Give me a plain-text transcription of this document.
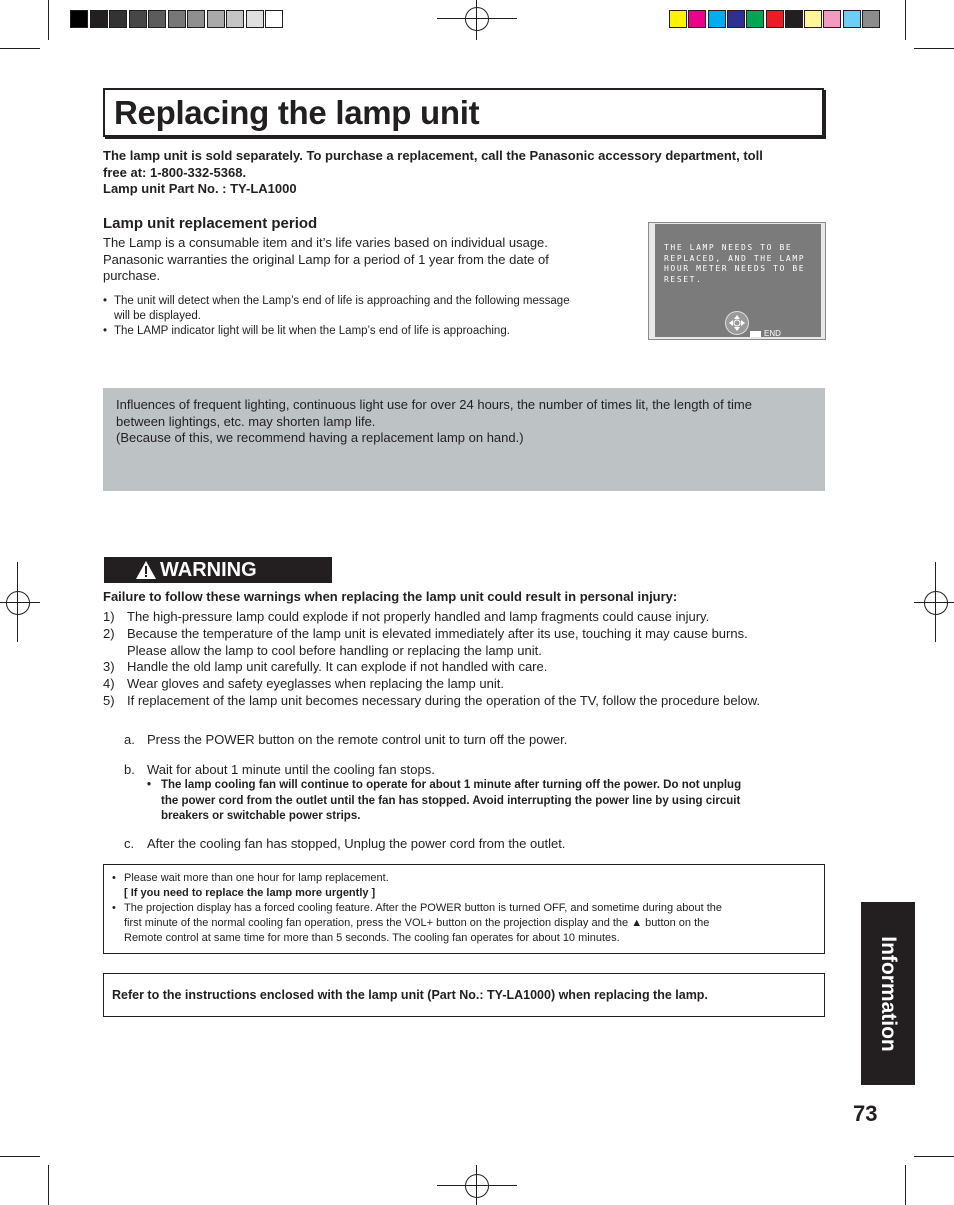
Replacing the lamp unit
The lamp unit is sold separately. To purchase a replacement, call the Panasonic accessory department, toll
free at: 1-800-332-5368.
Lamp unit Part No. : TY-LA1000
Lamp unit replacement period
The Lamp is a consumable item and it’s life varies based on individual usage.
Panasonic warranties the original Lamp for a period of 1 year from the date of
purchase.
• The unit will detect when the Lamp’s end of life is approaching and the following message
will be displayed.
• The LAMP indicator light will be lit when the Lamp’s end of life is approaching.
THE LAMP NEEDS TO BE
REPLACED, AND THE LAMP
HOUR METER NEEDS TO BE
RESET.
END
Influences of frequent lighting, continuous light use for over 24 hours, the number of times lit, the length of time
between lightings, etc. may shorten lamp life.
(Because of this, we recommend having a replacement lamp on hand.)
WARNING
Failure to follow these warnings when replacing the lamp unit could result in personal injury:
1) The high-pressure lamp could explode if not properly handled and lamp fragments could cause injury.
2) Because the temperature of the lamp unit is elevated immediately after its use, touching it may cause burns.
Please allow the lamp to cool before handling or replacing the lamp unit.
3) Handle the old lamp unit carefully. It can explode if not handled with care.
4) Wear gloves and safety eyeglasses when replacing the lamp unit.
5) If replacement of the lamp unit becomes necessary during the operation of the TV, follow the procedure below.
a. Press the POWER button on the remote control unit to turn off the power.
b. Wait for about 1 minute until the cooling fan stops.
• The lamp cooling fan will continue to operate for about 1 minute after turning off the power. Do not unplug
the power cord from the outlet until the fan has stopped. Avoid interrupting the power line by using circuit
breakers or switchable power strips.
c. After the cooling fan has stopped, Unplug the power cord from the outlet.
• Please wait more than one hour for lamp replacement.
[ If you need to replace the lamp more urgently ]
• The projection display has a forced cooling feature. After the POWER button is turned OFF, and sometime during about the
first minute of the normal cooling fan operation, press the VOL+ button on the projection display and the ▲ button on the
Remote control at same time for more than 5 seconds. The cooling fan operates for about 10 minutes.
Refer to the instructions enclosed with the lamp unit (Part No.: TY-LA1000) when replacing the lamp.	Information
73
